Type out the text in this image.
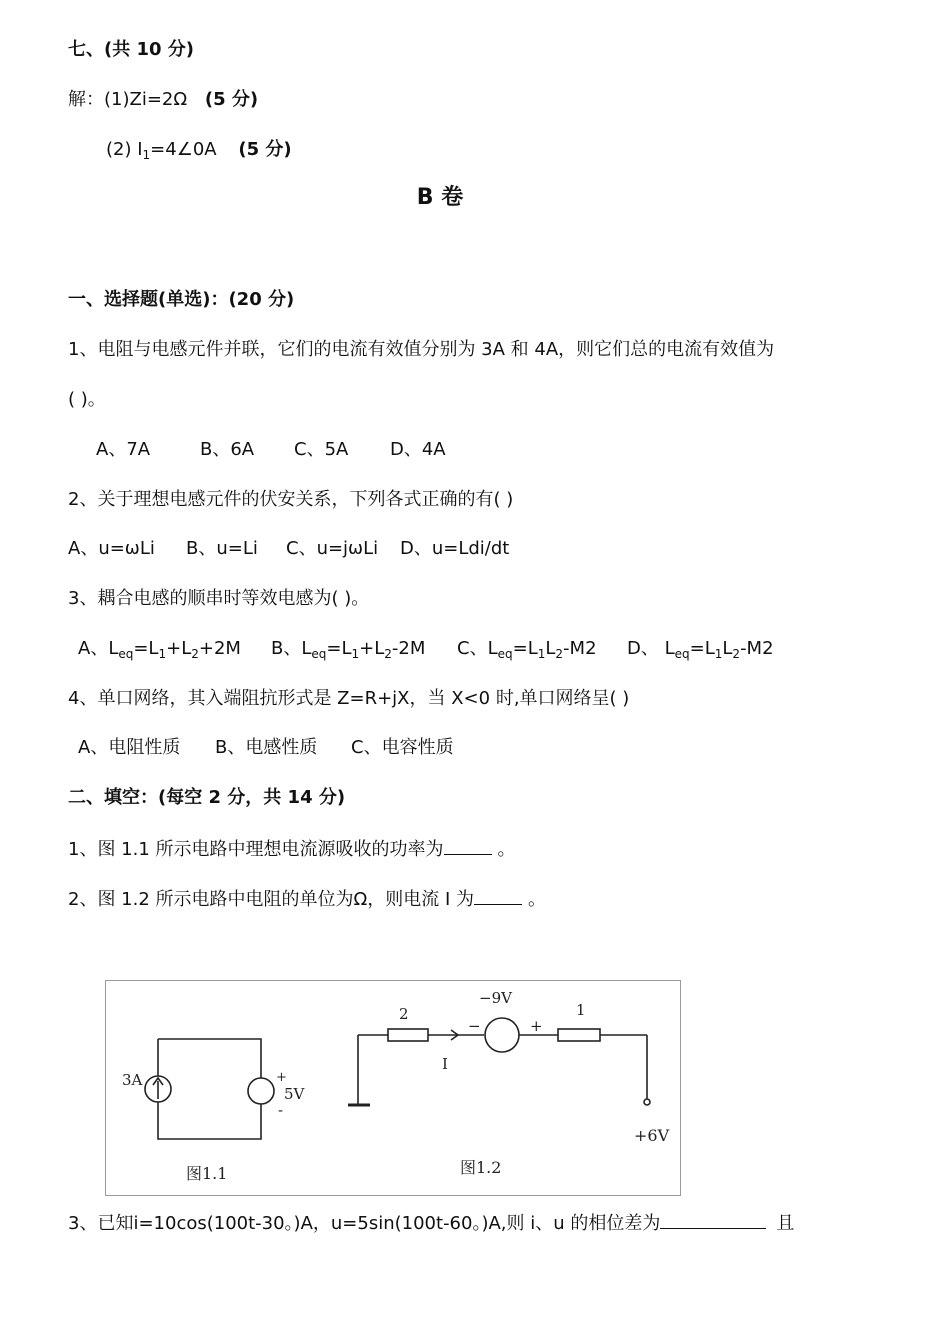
七、(共 10 分)
解：(1)Zi=2Ω (5 分)
(2) $I_1=4\angle 0A$ (5 分)
B 卷
一、选择题(单选)：(20 分)
1、电阻与电感元件并联，它们的电流有效值分别为 3A 和 4A，则它们总的电流有效值为
( )。
A、7A	B、6A C、5A D、4A
2、关于理想电感元件的伏安关系，下列各式正确的有( )
A、u=ωLi B、u=Li C、u=jωLi D、u=Ldi/dt
3、耦合电感的顺串时等效电感为( )。
A、$L_{eq}=L_1+L_2+2M$ B、$L_{eq}=L_1+L_2-2M$ C、$L_{eq}=L_1L_2-M2$ D、 $L_{eq}=L_1L_2-M2$
4、单口网络，其入端阻抗形式是 Z=R+jX，当 X<0 时,单口网络呈( )
A、电阻性质 B、电感性质 C、电容性质
二、填空：(每空 2 分，共 14 分)
1、图 1.1 所示电路中理想电流源吸收的功率为	。
2、图 1.2 所示电路中电阻的单位为Ω，则电流 I 为	。
3A	+
5V
-
图1.1
2	1
I
−9V
−	+
+6V
图1.2
3、已知i=10cos(100t-30。)A，u=5sin(100t-60。)A,则 i、u 的相位差为	且
